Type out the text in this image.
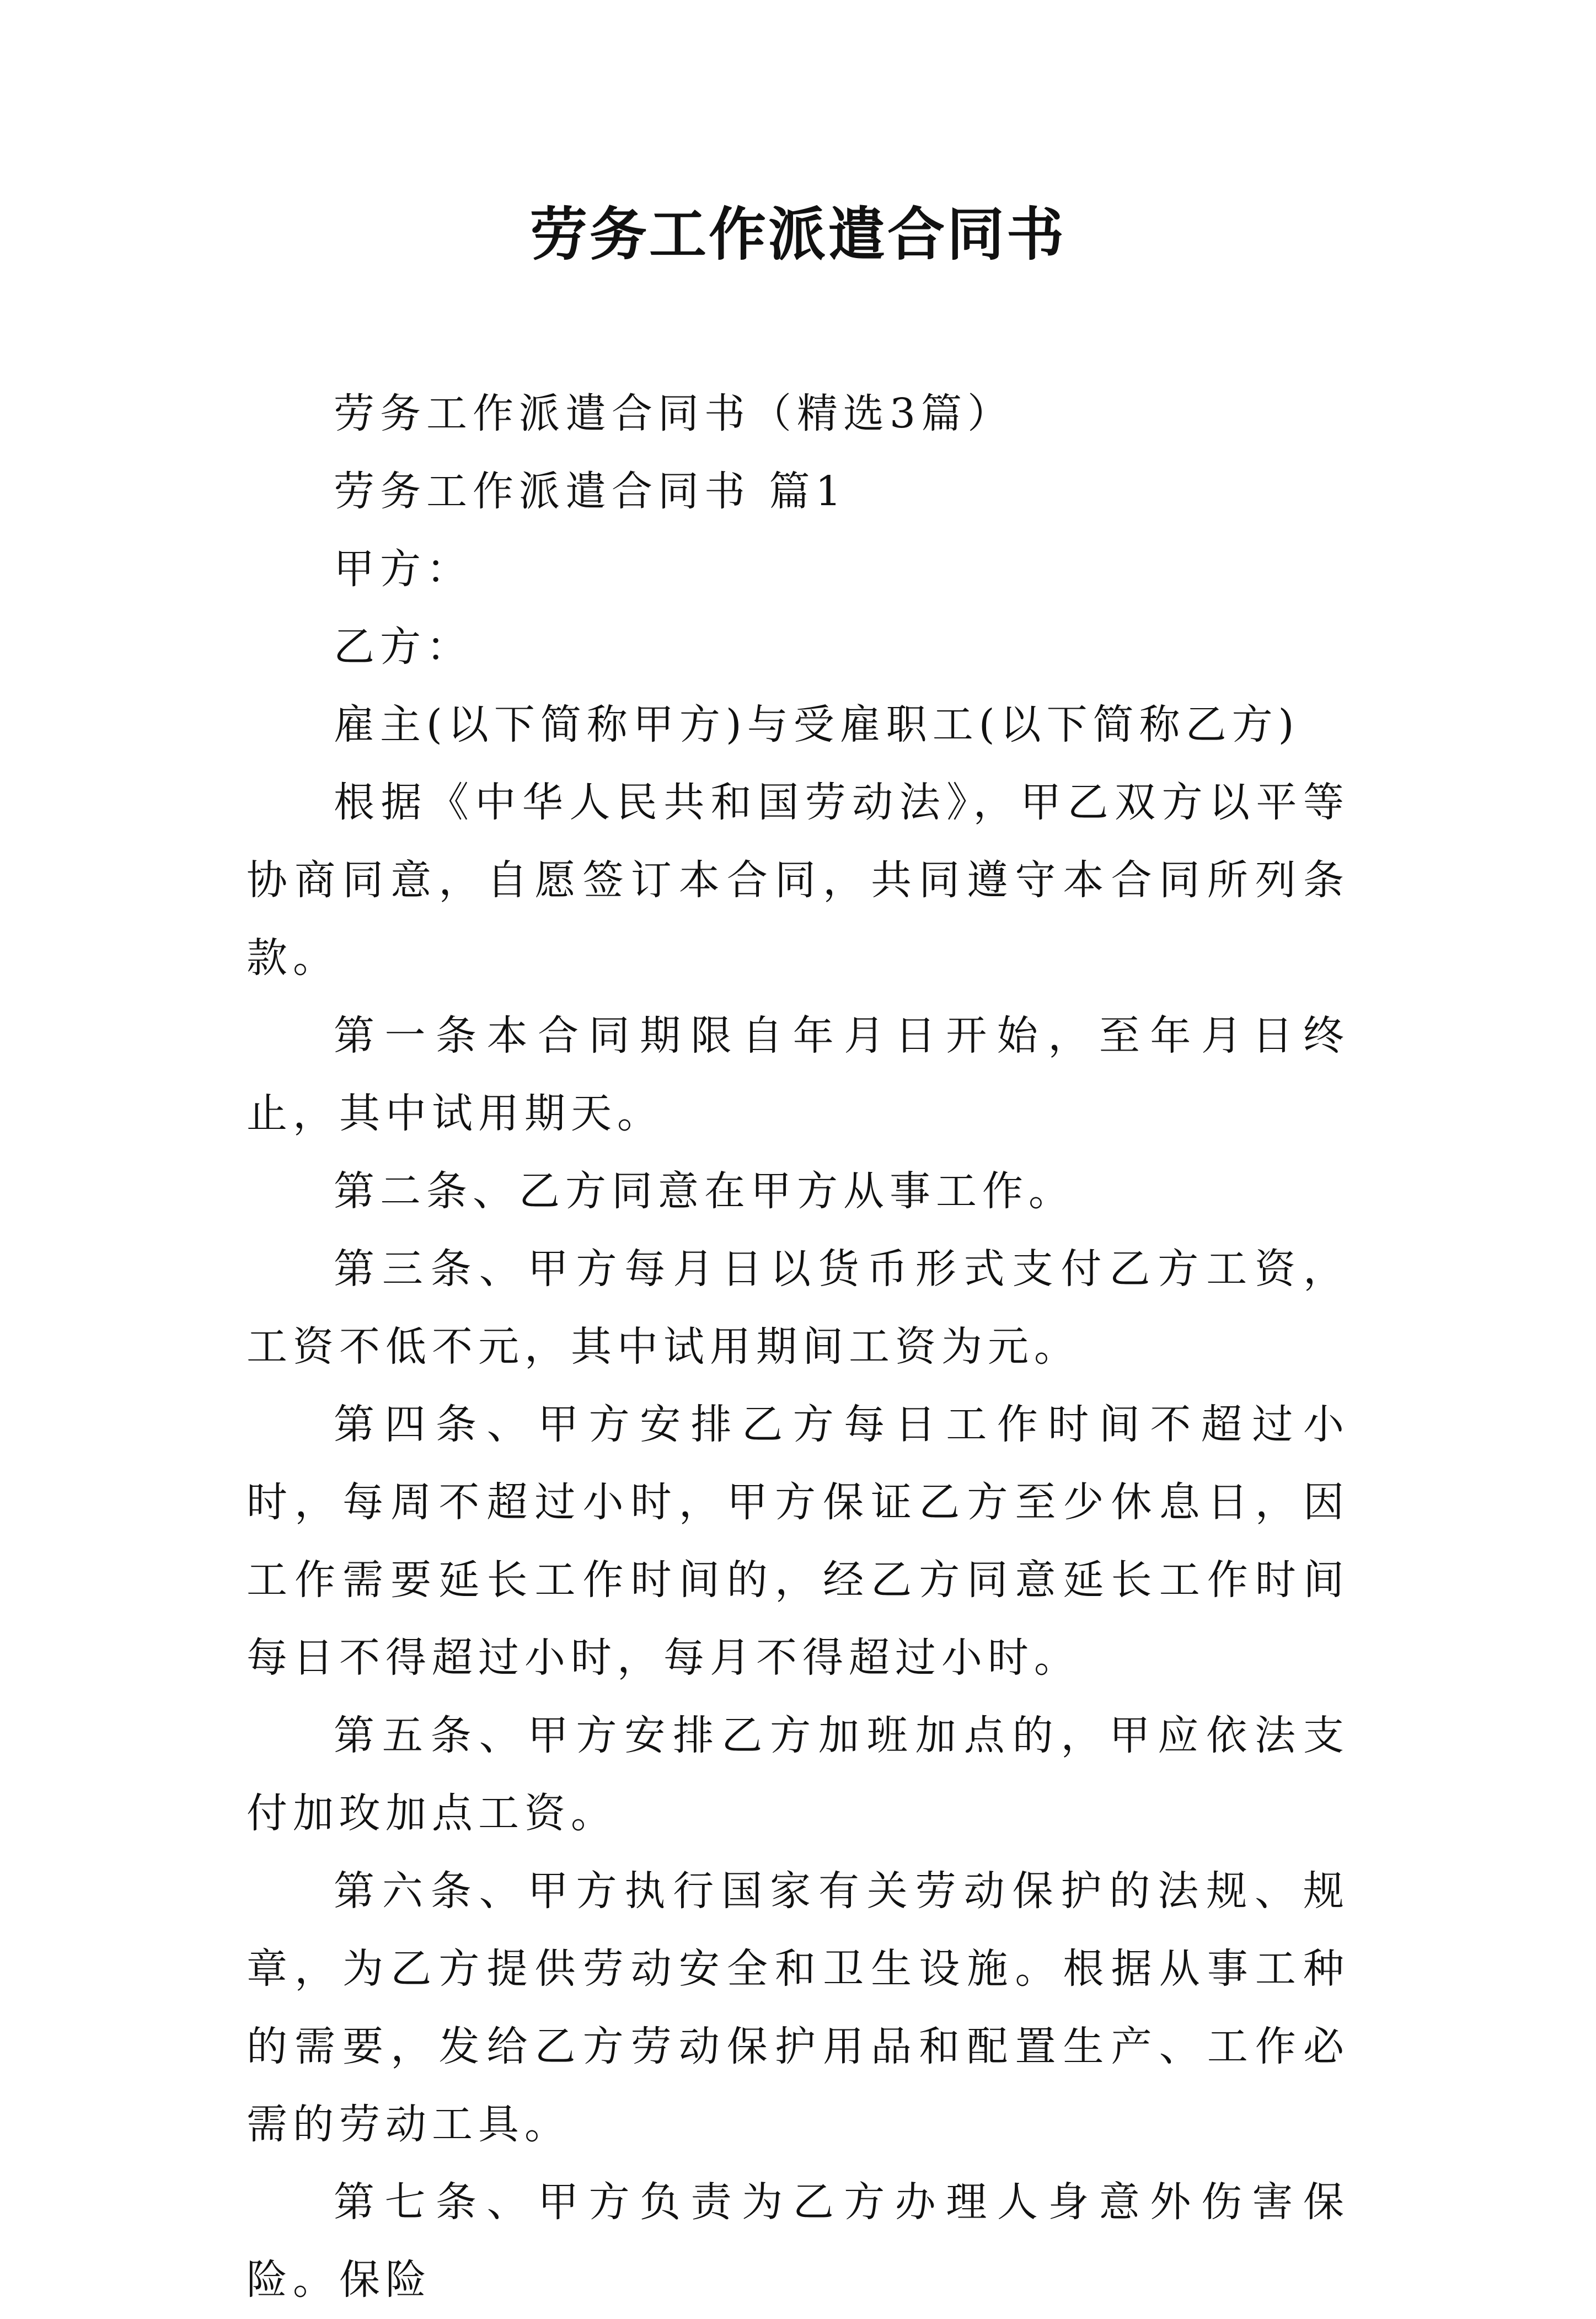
劳务工作派遣合同书

劳务工作派遣合同书（精选3篇）

劳务工作派遣合同书 篇1

甲方：

乙方：

雇主(以下简称甲方)与受雇职工(以下简称乙方)

根据《中华人民共和国劳动法》，甲乙双方以平等协商同意，自愿签订本合同，共同遵守本合同所列条款。

第一条本合同期限自年月日开始，至年月日终止，其中试用期天。

第二条、乙方同意在甲方从事工作。

第三条、甲方每月日以货币形式支付乙方工资，工资不低不元，其中试用期间工资为元。

第四条、甲方安排乙方每日工作时间不超过小时，每周不超过小时，甲方保证乙方至少休息日，因工作需要延长工作时间的，经乙方同意延长工作时间每日不得超过小时，每月不得超过小时。

第五条、甲方安排乙方加班加点的，甲应依法支付加玫加点工资。

第六条、甲方执行国家有关劳动保护的法规、规章，为乙方提供劳动安全和卫生设施。根据从事工种的需要，发给乙方劳动保护用品和配置生产、工作必需的劳动工具。

第七条、甲方负责为乙方办理人身意外伤害保险。保险
